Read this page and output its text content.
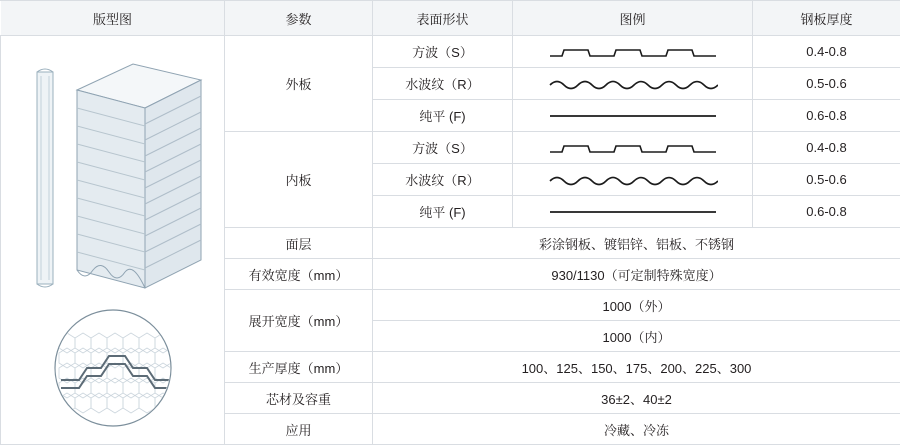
版型图	参数	表面形状	图例	钢板厚度

	外板	方波（S）		0.4-0.8
		水波纹（R）		0.5-0.6
		纯平 (F)		0.6-0.8
	内板	方波（S）		0.4-0.8
		水波纹（R）		0.5-0.6
		纯平 (F)		0.6-0.8
	面层	彩涂钢板、镀铝锌、铝板、不锈钢		
	有效宽度（mm）	930/1130（可定制特殊宽度）		
	展开宽度（mm）	1000（外）		
		1000（内）		
	生产厚度（mm）	100、125、150、175、200、225、300		
	芯材及容重	36±2、40±2		
	应用	冷藏、冷冻		
